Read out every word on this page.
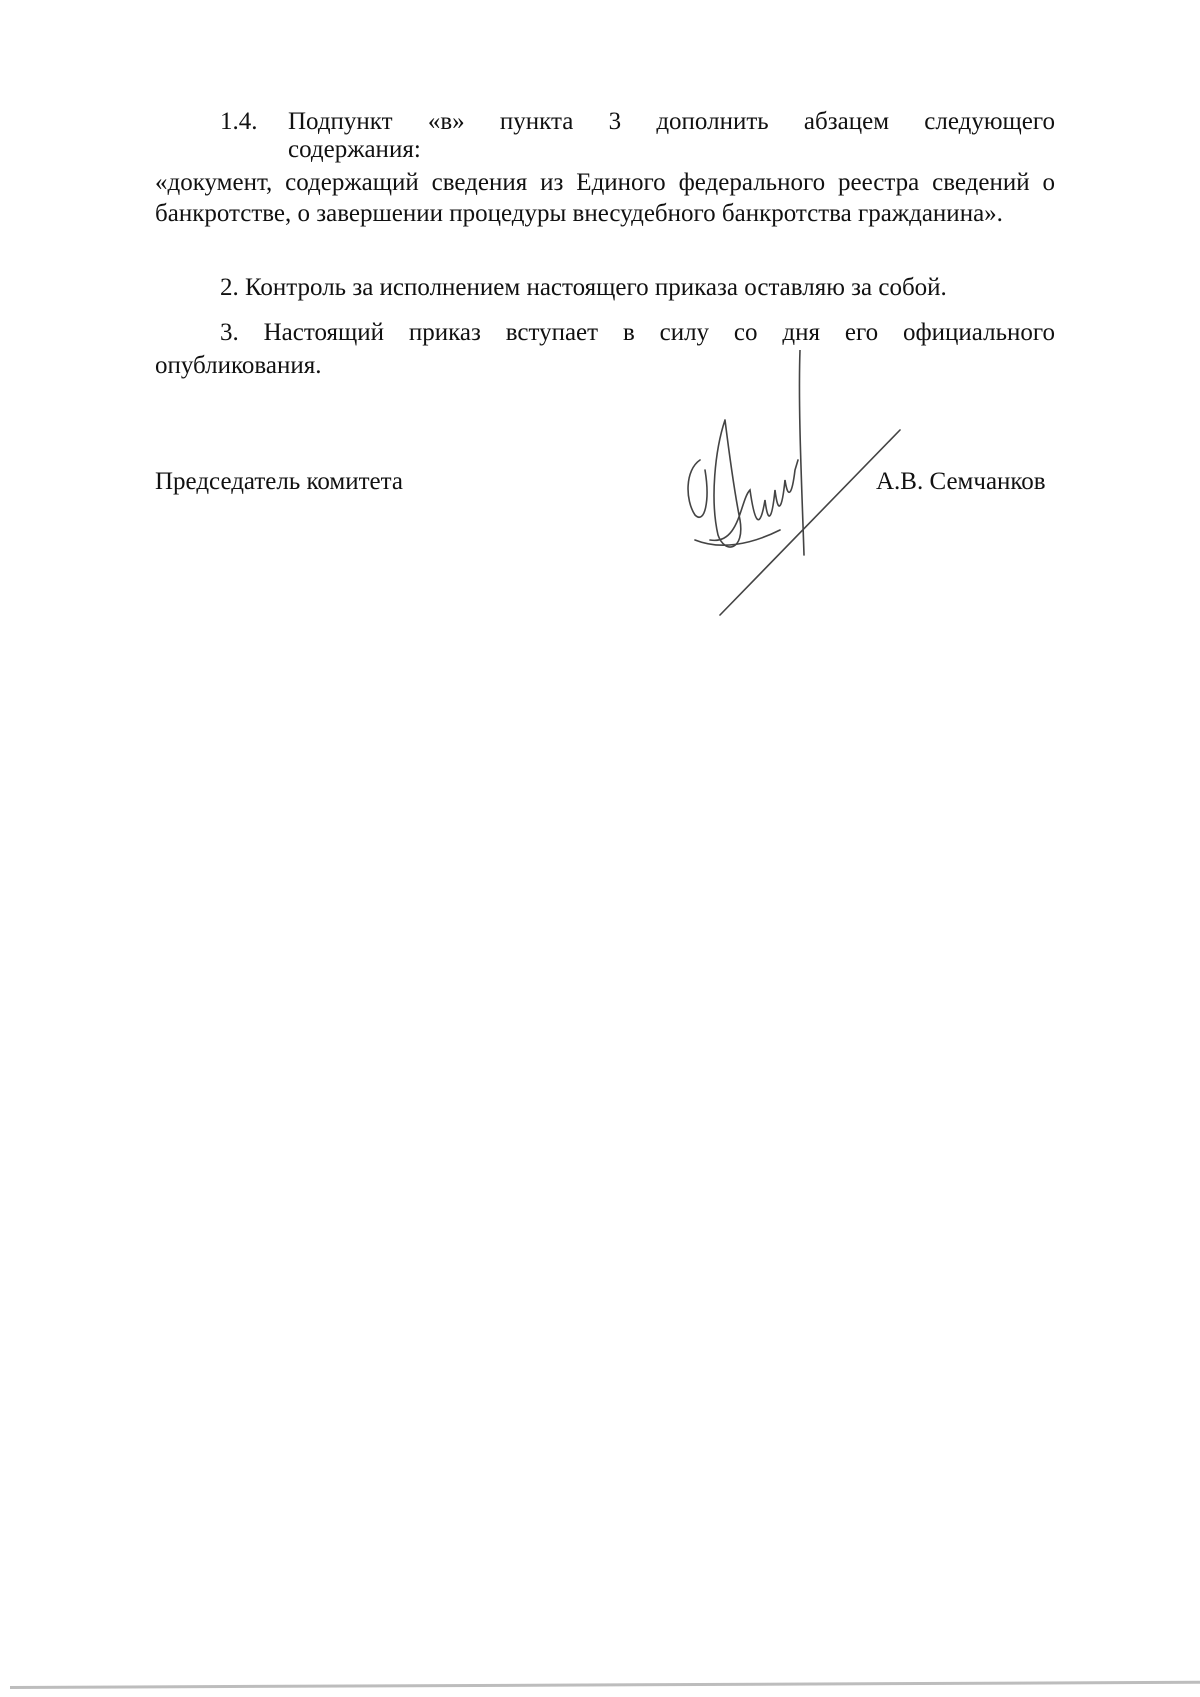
1.4. Подпункт «в» пункта 3 дополнить абзацем следующего
содержания:
«документ, содержащий сведения из Единого федерального реестра сведений о
банкротстве, о завершении процедуры внесудебного банкротства гражданина».
2. Контроль за исполнением настоящего приказа оставляю за собой.
3. Настоящий приказ вступает в силу со дня его официального
опубликования.
Председатель комитета	А.В. Семчанков
